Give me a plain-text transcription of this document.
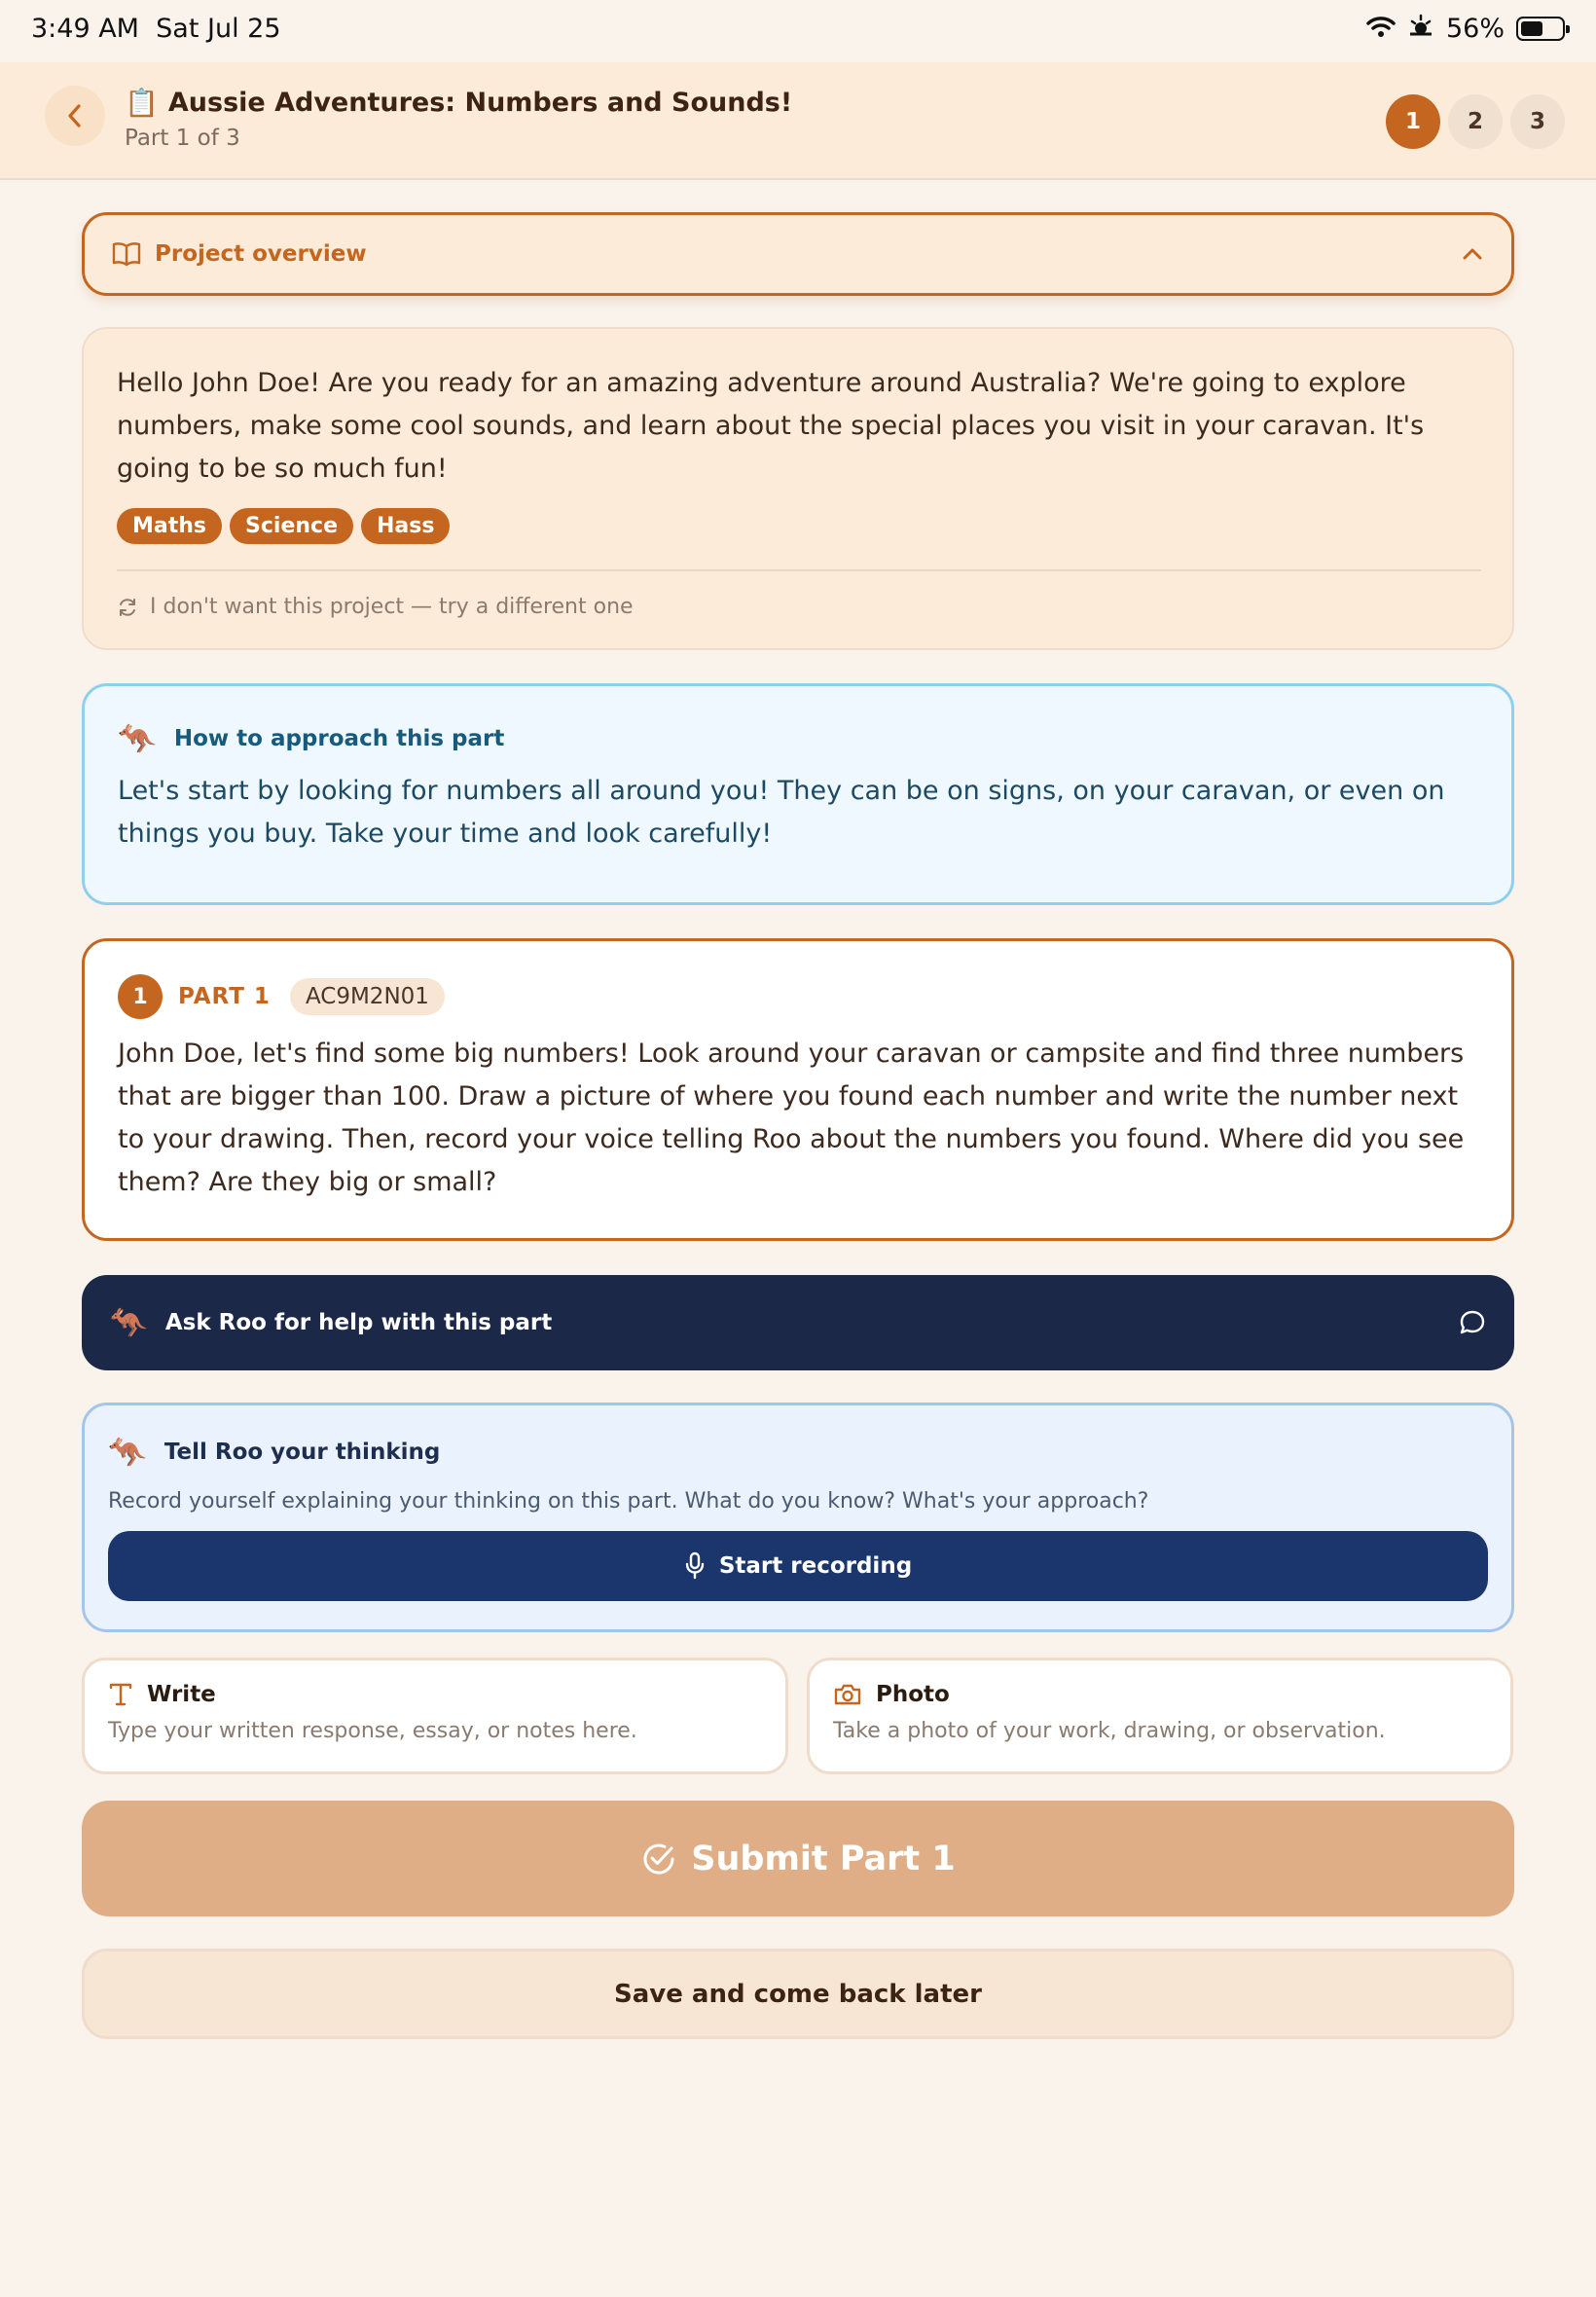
3:49 AM Sat Jul 25	56%
📋 Aussie Adventures: Numbers and Sounds!
Part 1 of 3
1	2	3
Project overview

Hello John Doe! Are you ready for an amazing adventure around Australia? We're going to explore numbers, make some cool sounds, and learn about the special places you visit in your caravan. It's going to be so much fun!

Maths	Science	Hass
I don't want this project — try a different one
🦘 How to approach this part

Let's start by looking for numbers all around you! They can be on signs, on your caravan, or even on things you buy. Take your time and look carefully!

1	PART 1	AC9M2N01

John Doe, let's find some big numbers! Look around your caravan or campsite and find three numbers that are bigger than 100. Draw a picture of where you found each number and write the number next to your drawing. Then, record your voice telling Roo about the numbers you found. Where did you see them? Are they big or small?

🦘 Ask Roo for help with this part
🦘 Tell Roo your thinking
Record yourself explaining your thinking on this part. What do you know? What's your approach?
Start recording
Write
Type your written response, essay, or notes here.
Photo
Take a photo of your work, drawing, or observation.
Submit Part 1
Save and come back later
